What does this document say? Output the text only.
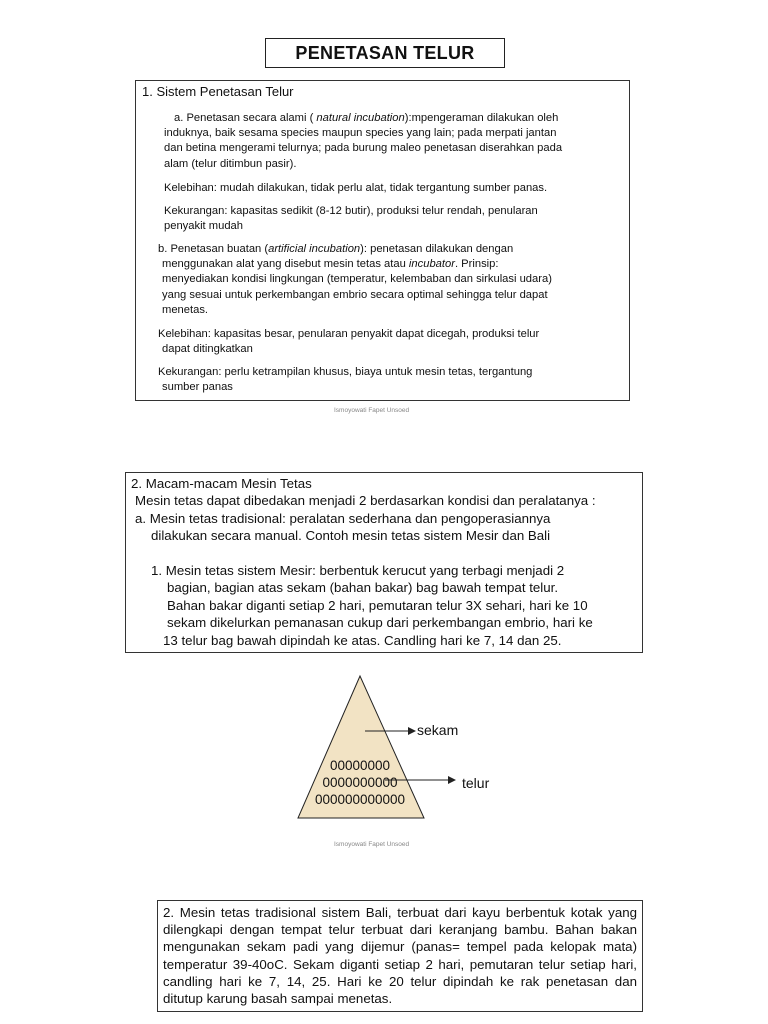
PENETASAN TELUR
1. Sistem Penetasan Telur
a. Penetasan secara alami ( natural incubation):mpengeraman dilakukan oleh
induknya, baik sesama species maupun species yang lain; pada merpati jantan
dan betina mengerami telurnya; pada burung maleo penetasan diserahkan pada
alam (telur ditimbun pasir).
Kelebihan: mudah dilakukan, tidak perlu alat, tidak tergantung sumber panas.
Kekurangan: kapasitas sedikit (8-12 butir), produksi telur rendah, penularan
penyakit mudah
b. Penetasan buatan (artificial incubation): penetasan dilakukan dengan
menggunakan alat yang disebut mesin tetas atau incubator. Prinsip:
menyediakan kondisi lingkungan (temperatur, kelembaban dan sirkulasi udara)
yang sesuai untuk perkembangan embrio secara optimal sehingga telur dapat
menetas.
Kelebihan: kapasitas besar, penularan penyakit dapat dicegah, produksi telur
dapat ditingkatkan
Kekurangan: perlu ketrampilan khusus, biaya untuk mesin tetas, tergantung
sumber panas
Ismoyowati Fapet Unsoed
2. Macam-macam Mesin Tetas
Mesin tetas dapat dibedakan menjadi 2 berdasarkan kondisi dan peralatanya :
a. Mesin tetas tradisional: peralatan sederhana dan pengoperasiannya
dilakukan secara manual. Contoh mesin tetas sistem Mesir dan Bali
1. Mesin tetas sistem Mesir: berbentuk kerucut yang terbagi menjadi 2
bagian, bagian atas sekam (bahan bakar) bag bawah tempat telur.
Bahan bakar diganti setiap 2 hari, pemutaran telur 3X sehari, hari ke 10
sekam dikelurkan pemanasan cukup dari perkembangan embrio, hari ke
13 telur bag bawah dipindah ke atas. Candling hari ke 7, 14 dan 25.
00000000
0000000000
000000000000
sekam
telur
Ismoyowati Fapet Unsoed
2. Mesin tetas tradisional sistem Bali, terbuat dari kayu berbentuk kotak yang dilengkapi dengan tempat telur terbuat dari keranjang bambu. Bahan bakan mengunakan sekam padi yang dijemur (panas= tempel pada kelopak mata) temperatur 39-40oC. Sekam diganti setiap 2 hari, pemutaran telur setiap hari, candling hari ke 7, 14, 25. Hari ke 20 telur dipindah ke rak penetasan dan ditutup karung basah sampai menetas.
